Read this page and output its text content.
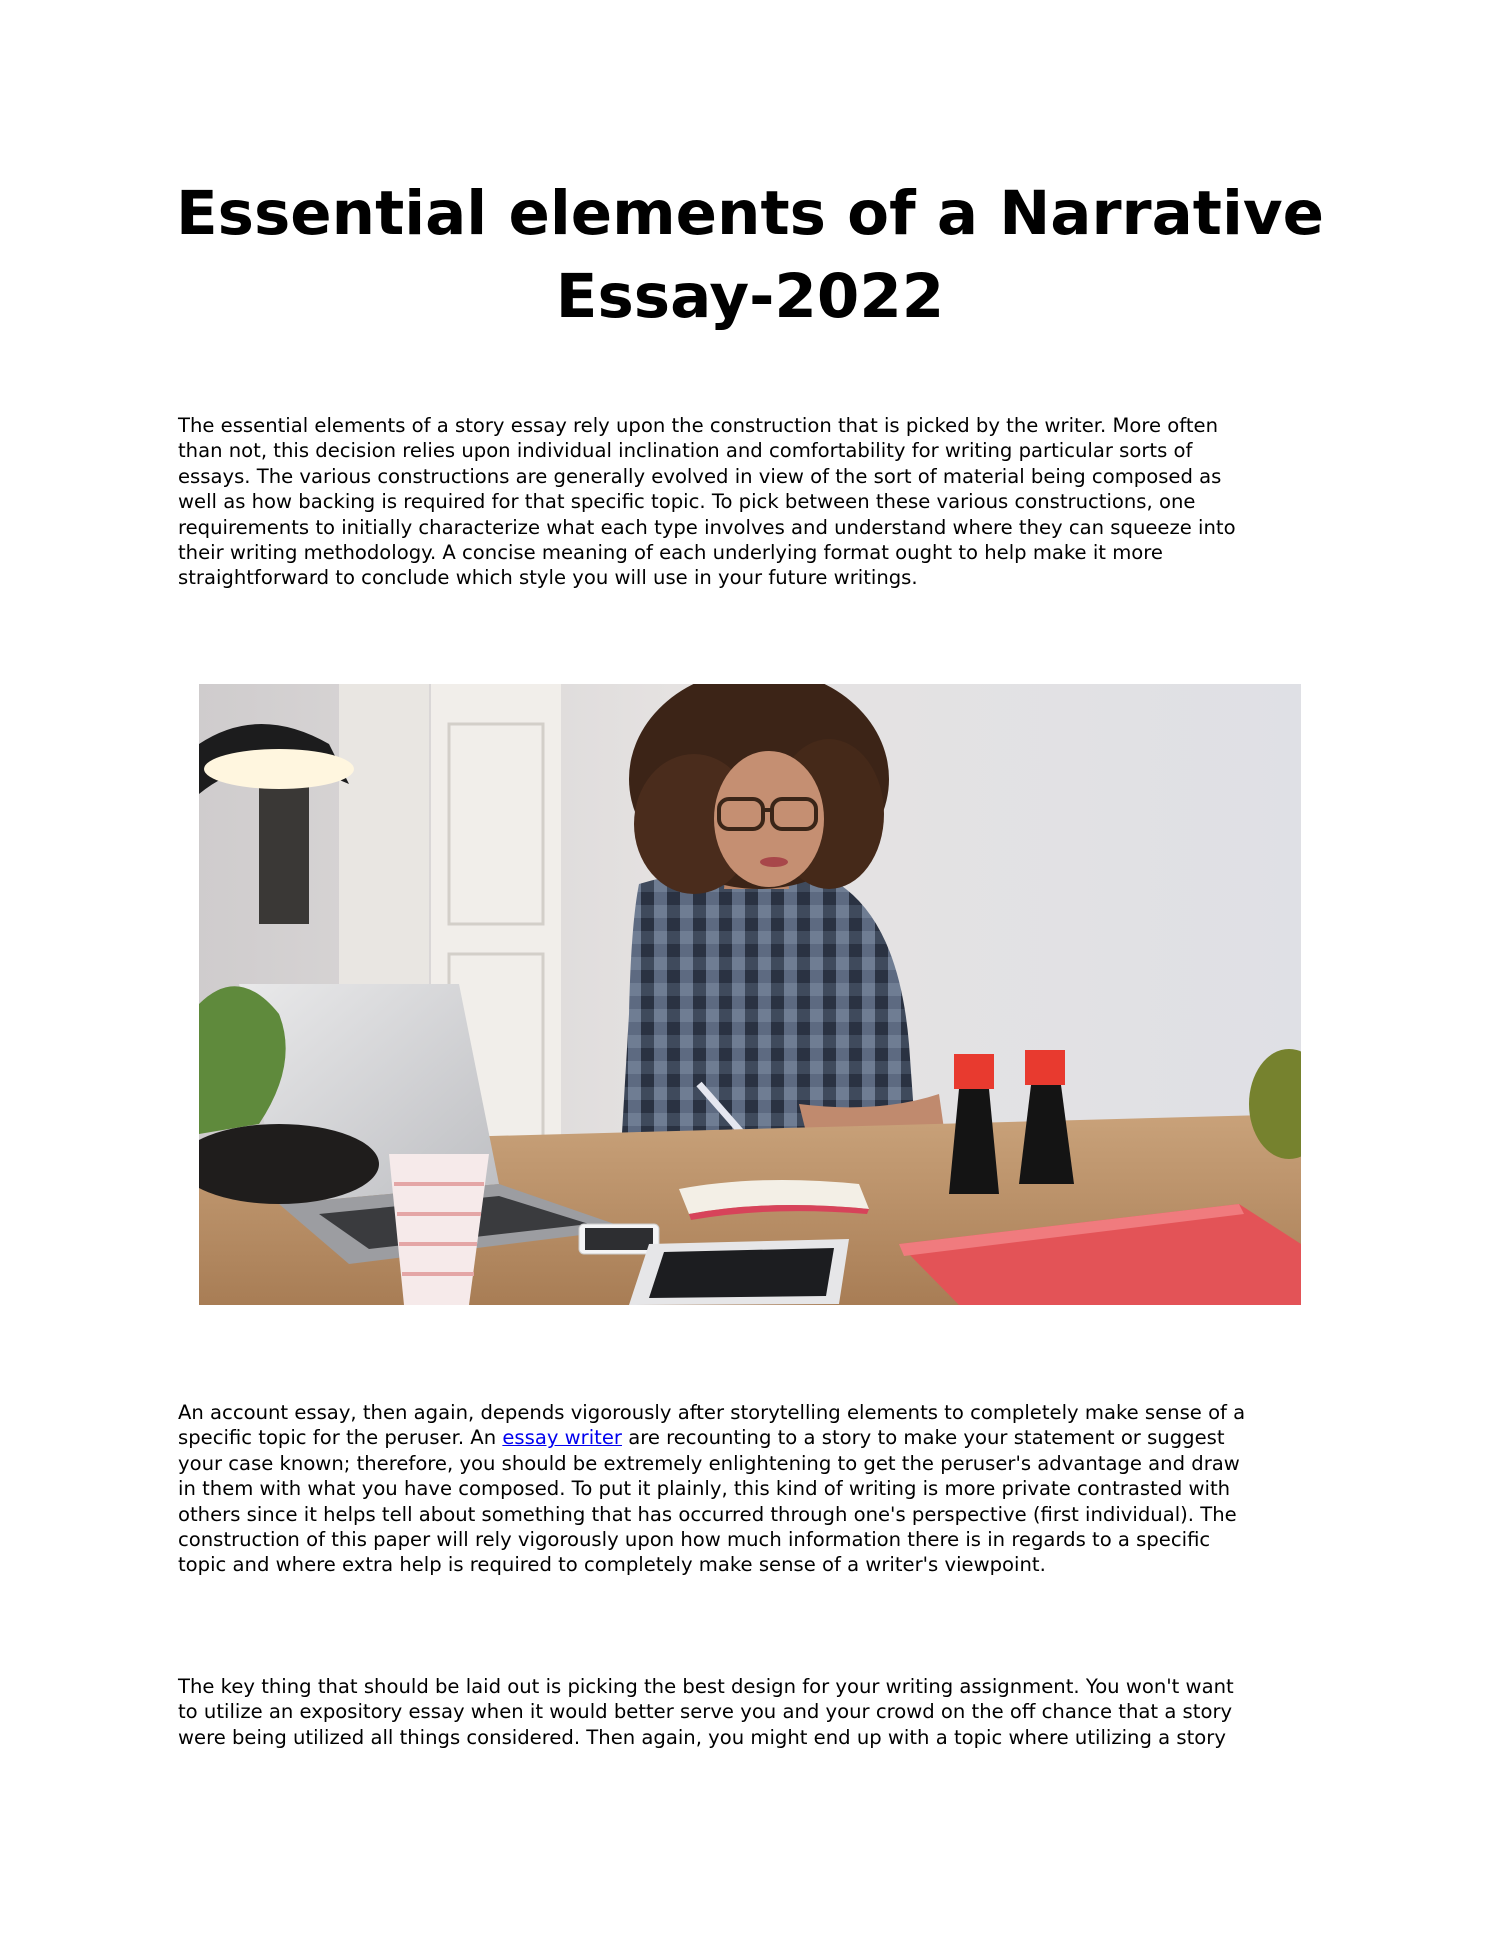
Essential elements of a Narrative
Essay-2022

The essential elements of a story essay rely upon the construction that is picked by the writer. More often
than not, this decision relies upon individual inclination and comfortability for writing particular sorts of
essays. The various constructions are generally evolved in view of the sort of material being composed as
well as how backing is required for that specific topic. To pick between these various constructions, one
requirements to initially characterize what each type involves and understand where they can squeeze into
their writing methodology. A concise meaning of each underlying format ought to help make it more
straightforward to conclude which style you will use in your future writings.

An account essay, then again, depends vigorously after storytelling elements to completely make sense of a
specific topic for the peruser. An essay writer are recounting to a story to make your statement or suggest
your case known; therefore, you should be extremely enlightening to get the peruser's advantage and draw
in them with what you have composed. To put it plainly, this kind of writing is more private contrasted with
others since it helps tell about something that has occurred through one's perspective (first individual). The
construction of this paper will rely vigorously upon how much information there is in regards to a specific
topic and where extra help is required to completely make sense of a writer's viewpoint.

The key thing that should be laid out is picking the best design for your writing assignment. You won't want
to utilize an expository essay when it would better serve you and your crowd on the off chance that a story
were being utilized all things considered. Then again, you might end up with a topic where utilizing a story
